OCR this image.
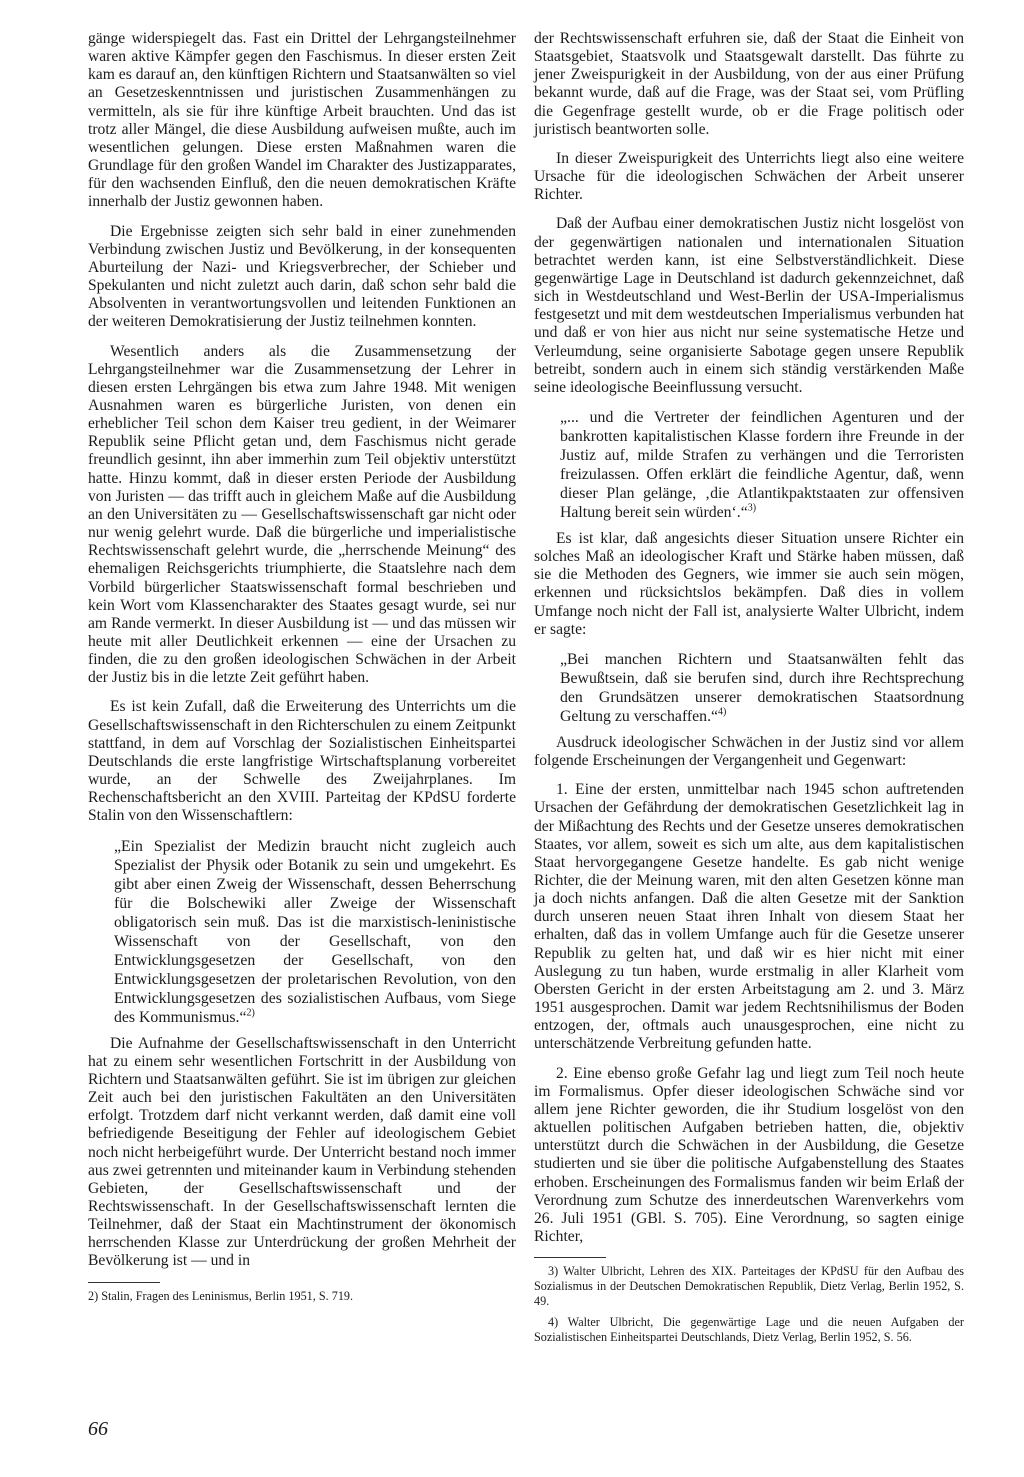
gänge widerspiegelt das. Fast ein Drittel der Lehrgangsteilnehmer waren aktive Kämpfer gegen den Faschismus. In dieser ersten Zeit kam es darauf an, den künftigen Richtern und Staatsanwälten so viel an Gesetzeskenntnissen und juristischen Zusammenhängen zu vermitteln, als sie für ihre künftige Arbeit brauchten. Und das ist trotz aller Mängel, die diese Ausbildung aufweisen mußte, auch im wesentlichen gelungen. Diese ersten Maßnahmen waren die Grundlage für den großen Wandel im Charakter des Justizapparates, für den wachsenden Einfluß, den die neuen demokratischen Kräfte innerhalb der Justiz gewonnen haben.

Die Ergebnisse zeigten sich sehr bald in einer zunehmenden Verbindung zwischen Justiz und Bevölkerung, in der konsequenten Aburteilung der Nazi- und Kriegsverbrecher, der Schieber und Spekulanten und nicht zuletzt auch darin, daß schon sehr bald die Absolventen in verantwortungsvollen und leitenden Funktionen an der weiteren Demokratisierung der Justiz teilnehmen konnten.

Wesentlich anders als die Zusammensetzung der Lehrgangsteilnehmer war die Zusammensetzung der Lehrer in diesen ersten Lehrgängen bis etwa zum Jahre 1948. Mit wenigen Ausnahmen waren es bürgerliche Juristen, von denen ein erheblicher Teil schon dem Kaiser treu gedient, in der Weimarer Republik seine Pflicht getan und, dem Faschismus nicht gerade freundlich gesinnt, ihn aber immerhin zum Teil objektiv unterstützt hatte. Hinzu kommt, daß in dieser ersten Periode der Ausbildung von Juristen — das trifft auch in gleichem Maße auf die Ausbildung an den Universitäten zu — Gesellschaftswissenschaft gar nicht oder nur wenig gelehrt wurde. Daß die bürgerliche und imperialistische Rechtswissenschaft gelehrt wurde, die „herrschende Meinung“ des ehemaligen Reichsgerichts triumphierte, die Staatslehre nach dem Vorbild bürgerlicher Staatswissenschaft formal beschrieben und kein Wort vom Klassencharakter des Staates gesagt wurde, sei nur am Rande vermerkt. In dieser Ausbildung ist — und das müssen wir heute mit aller Deutlichkeit erkennen — eine der Ursachen zu finden, die zu den großen ideologischen Schwächen in der Arbeit der Justiz bis in die letzte Zeit geführt haben.

Es ist kein Zufall, daß die Erweiterung des Unterrichts um die Gesellschaftswissenschaft in den Richterschulen zu einem Zeitpunkt stattfand, in dem auf Vorschlag der Sozialistischen Einheitspartei Deutschlands die erste langfristige Wirtschaftsplanung vorbereitet wurde, an der Schwelle des Zweijahrplanes. Im Rechenschaftsbericht an den XVIII. Parteitag der KPdSU forderte Stalin von den Wissenschaftlern:

„Ein Spezialist der Medizin braucht nicht zugleich auch Spezialist der Physik oder Botanik zu sein und umgekehrt. Es gibt aber einen Zweig der Wissenschaft, dessen Beherrschung für die Bolschewiki aller Zweige der Wissenschaft obligatorisch sein muß. Das ist die marxistisch-leninistische Wissenschaft von der Gesellschaft, von den Entwicklungsgesetzen der Gesellschaft, von den Entwicklungsgesetzen der proletarischen Revolution, von den Entwicklungsgesetzen des sozialistischen Aufbaus, vom Siege des Kommunismus.“$^{2)}$

Die Aufnahme der Gesellschaftswissenschaft in den Unterricht hat zu einem sehr wesentlichen Fortschritt in der Ausbildung von Richtern und Staatsanwälten geführt. Sie ist im übrigen zur gleichen Zeit auch bei den juristischen Fakultäten an den Universitäten erfolgt. Trotzdem darf nicht verkannt werden, daß damit eine voll befriedigende Beseitigung der Fehler auf ideologischem Gebiet noch nicht herbeigeführt wurde. Der Unterricht bestand noch immer aus zwei getrennten und miteinander kaum in Verbindung stehenden Gebieten, der Gesellschaftswissenschaft und der Rechtswissenschaft. In der Gesellschaftswissenschaft lernten die Teilnehmer, daß der Staat ein Machtinstrument der ökonomisch herrschenden Klasse zur Unterdrückung der großen Mehrheit der Bevölkerung ist — und in

2) Stalin, Fragen des Leninismus, Berlin 1951, S. 719.

der Rechtswissenschaft erfuhren sie, daß der Staat die Einheit von Staatsgebiet, Staatsvolk und Staatsgewalt darstellt. Das führte zu jener Zweispurigkeit in der Ausbildung, von der aus einer Prüfung bekannt wurde, daß auf die Frage, was der Staat sei, vom Prüfling die Gegenfrage gestellt wurde, ob er die Frage politisch oder juristisch beantworten solle.

In dieser Zweispurigkeit des Unterrichts liegt also eine weitere Ursache für die ideologischen Schwächen der Arbeit unserer Richter.

Daß der Aufbau einer demokratischen Justiz nicht losgelöst von der gegenwärtigen nationalen und internationalen Situation betrachtet werden kann, ist eine Selbstverständlichkeit. Diese gegenwärtige Lage in Deutschland ist dadurch gekennzeichnet, daß sich in Westdeutschland und West-Berlin der USA-Imperialismus festgesetzt und mit dem westdeutschen Imperialismus verbunden hat und daß er von hier aus nicht nur seine systematische Hetze und Verleumdung, seine organisierte Sabotage gegen unsere Republik betreibt, sondern auch in einem sich ständig verstärkenden Maße seine ideologische Beeinflussung versucht.

„... und die Vertreter der feindlichen Agenturen und der bankrotten kapitalistischen Klasse fordern ihre Freunde in der Justiz auf, milde Strafen zu verhängen und die Terroristen freizulassen. Offen erklärt die feindliche Agentur, daß, wenn dieser Plan gelänge, ‚die Atlantikpaktstaaten zur offensiven Haltung bereit sein würden‘.“$^{3)}$

Es ist klar, daß angesichts dieser Situation unsere Richter ein solches Maß an ideologischer Kraft und Stärke haben müssen, daß sie die Methoden des Gegners, wie immer sie auch sein mögen, erkennen und rücksichtslos bekämpfen. Daß dies in vollem Umfange noch nicht der Fall ist, analysierte Walter Ulbricht, indem er sagte:

„Bei manchen Richtern und Staatsanwälten fehlt das Bewußtsein, daß sie berufen sind, durch ihre Rechtsprechung den Grundsätzen unserer demokratischen Staatsordnung Geltung zu verschaffen.“$^{4)}$

Ausdruck ideologischer Schwächen in der Justiz sind vor allem folgende Erscheinungen der Vergangenheit und Gegenwart:

1. Eine der ersten, unmittelbar nach 1945 schon auftretenden Ursachen der Gefährdung der demokratischen Gesetzlichkeit lag in der Mißachtung des Rechts und der Gesetze unseres demokratischen Staates, vor allem, soweit es sich um alte, aus dem kapitalistischen Staat hervorgegangene Gesetze handelte. Es gab nicht wenige Richter, die der Meinung waren, mit den alten Gesetzen könne man ja doch nichts anfangen. Daß die alten Gesetze mit der Sanktion durch unseren neuen Staat ihren Inhalt von diesem Staat her erhalten, daß das in vollem Umfange auch für die Gesetze unserer Republik zu gelten hat, und daß wir es hier nicht mit einer Auslegung zu tun haben, wurde erstmalig in aller Klarheit vom Obersten Gericht in der ersten Arbeitstagung am 2. und 3. März 1951 ausgesprochen. Damit war jedem Rechtsnihilismus der Boden entzogen, der, oftmals auch unausgesprochen, eine nicht zu unterschätzende Verbreitung gefunden hatte.
2. Eine ebenso große Gefahr lag und liegt zum Teil noch heute im Formalismus. Opfer dieser ideologischen Schwäche sind vor allem jene Richter geworden, die ihr Studium losgelöst von den aktuellen politischen Aufgaben betrieben hatten, die, objektiv unterstützt durch die Schwächen in der Ausbildung, die Gesetze studierten und sie über die politische Aufgabenstellung des Staates erhoben. Erscheinungen des Formalismus fanden wir beim Erlaß der Verordnung zum Schutze des innerdeutschen Warenverkehrs vom 26. Juli 1951 (GBl. S. 705). Eine Verordnung, so sagten einige Richter,
3) Walter Ulbricht, Lehren des XIX. Parteitages der KPdSU für den Aufbau des Sozialismus in der Deutschen Demokratischen Republik, Dietz Verlag, Berlin 1952, S. 49.
4) Walter Ulbricht, Die gegenwärtige Lage und die neuen Aufgaben der Sozialistischen Einheitspartei Deutschlands, Dietz Verlag, Berlin 1952, S. 56.
66
